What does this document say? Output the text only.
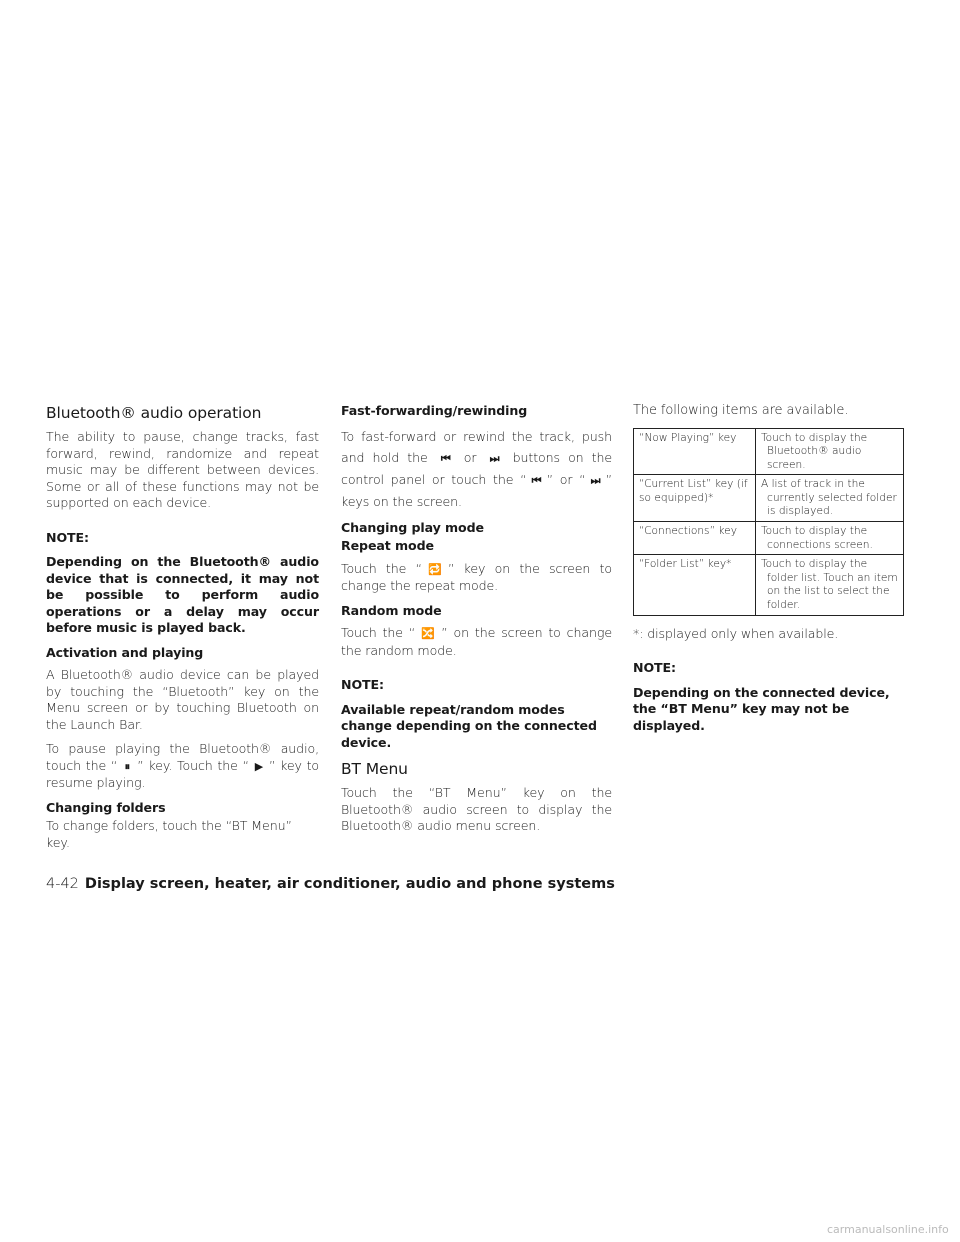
Bluetooth® audio operation

The ability to pause, change tracks, fast forward, rewind, randomize and repeat music may be different between devices. Some or all of these functions may not be supported on each device.

NOTE:

Depending on the Bluetooth® audio device that is connected, it may not be possible to perform audio operations or a delay may occur before music is played back.

Activation and playing

A Bluetooth® audio device can be played by touching the “Bluetooth” key on the Menu screen or by touching Bluetooth on the Launch Bar.

To pause playing the Bluetooth® audio, touch the “ ⏸ ” key. Touch the “ ▶ ” key to resume playing.

Changing folders

To change folders, touch the “BT Menu” key.

Fast-forwarding/rewinding

To fast-forward or rewind the track, push and hold the ⏮ or ⏭ buttons on the control panel or touch the “ ⏮ ” or “ ⏭ ” keys on the screen.

Changing play mode

Repeat mode

Touch the “ 🔁 ” key on the screen to change the repeat mode.

Random mode

Touch the “ 🔀 ” on the screen to change the random mode.

NOTE:

Available repeat/random modes change depending on the connected device.

BT Menu

Touch the “BT Menu” key on the Bluetooth® audio screen to display the Bluetooth® audio menu screen.

The following items are available.

“Now Playing” key	Touch to display the Bluetooth® audio screen.
“Current List” key (if so equipped)*	A list of track in the currently selected folder is displayed.
“Connections” key	Touch to display the connections screen.
“Folder List” key*	Touch to display the folder list. Touch an item on the list to select the folder.

*: displayed only when available.

NOTE:

Depending on the connected device, the “BT Menu” key may not be displayed.

4-42 Display screen, heater, air conditioner, audio and phone systems
carmanualsonline.info
